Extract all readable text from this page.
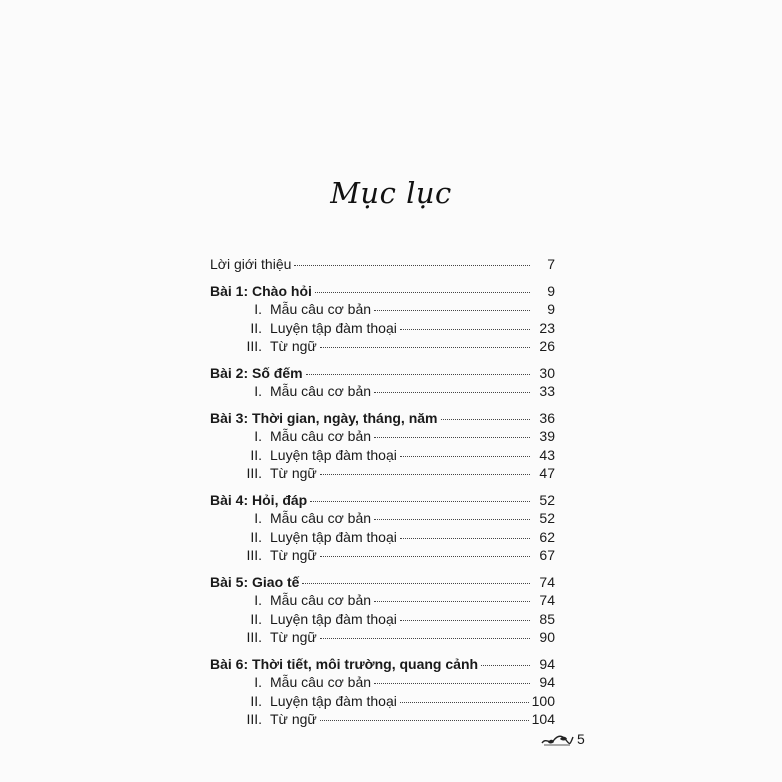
Mục lục
Lời giới thiệu	7
Bài 1: Chào hỏi	9
I. Mẫu câu cơ bản	9
II. Luyện tập đàm thoại	23
III. Từ ngữ	26
Bài 2: Số đếm	30
I. Mẫu câu cơ bản	33
Bài 3: Thời gian, ngày, tháng, năm	36
I. Mẫu câu cơ bản	39
II. Luyện tập đàm thoại	43
III. Từ ngữ	47
Bài 4: Hỏi, đáp	52
I. Mẫu câu cơ bản	52
II. Luyện tập đàm thoại	62
III. Từ ngữ	67
Bài 5: Giao tế	74
I. Mẫu câu cơ bản	74
II. Luyện tập đàm thoại	85
III. Từ ngữ	90
Bài 6: Thời tiết, môi trường, quang cảnh	94
I. Mẫu câu cơ bản	94
II. Luyện tập đàm thoại	100
III. Từ ngữ	104
5
